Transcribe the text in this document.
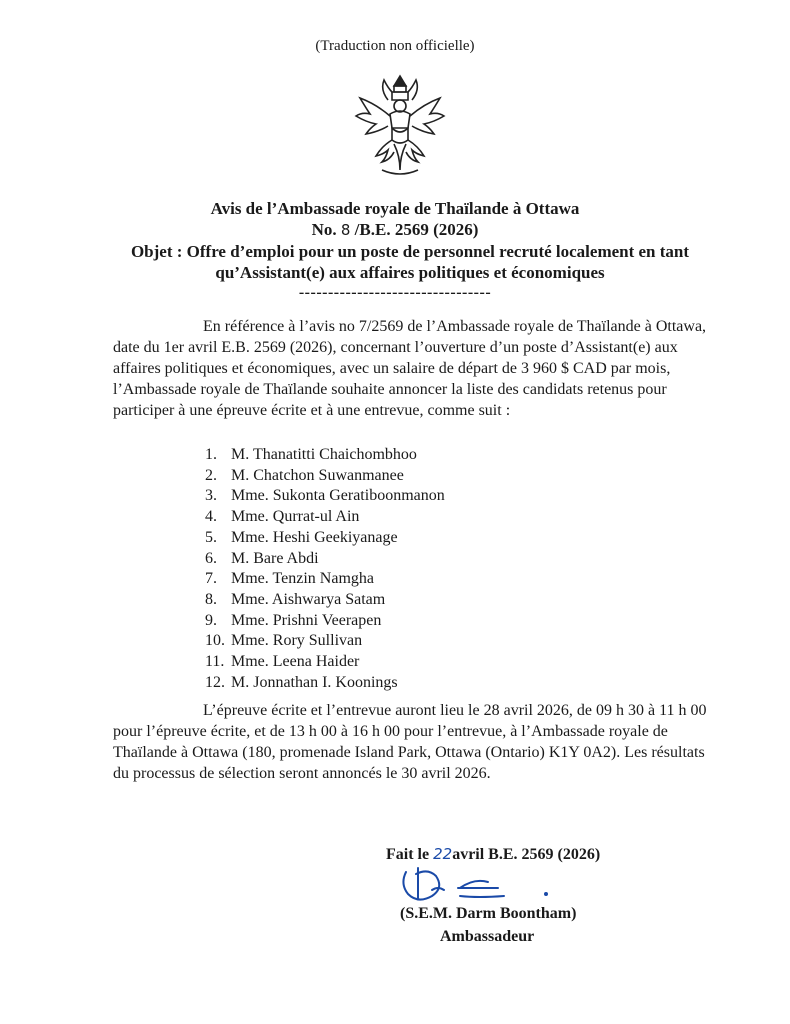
(Traduction non officielle)
Avis de l’Ambassade royale de Thaïlande à Ottawa
No. 8 /B.E. 2569 (2026)
Objet : Offre d’emploi pour un poste de personnel recruté localement en tant qu’Assistant(e) aux affaires politiques et économiques
---------------------------------
En référence à l’avis no 7/2569 de l’Ambassade royale de Thaïlande à Ottawa, date du 1er avril E.B. 2569 (2026), concernant l’ouverture d’un poste d’Assistant(e) aux affaires politiques et économiques, avec un salaire de départ de 3 960 $ CAD par mois, l’Ambassade royale de Thaïlande souhaite annoncer la liste des candidats retenus pour participer à une épreuve écrite et à une entrevue, comme suit :
1. M. Thanatitti Chaichombhoo
2. M. Chatchon Suwanmanee
3. Mme. Sukonta Geratiboonmanon
4. Mme. Qurrat-ul Ain
5. Mme. Heshi Geekiyanage
6. M. Bare Abdi
7. Mme. Tenzin Namgha
8. Mme. Aishwarya Satam
9. Mme. Prishni Veerapen
10. Mme. Rory Sullivan
11. Mme. Leena Haider
12. M. Jonnathan I. Koonings
L’épreuve écrite et l’entrevue auront lieu le 28 avril 2026, de 09 h 30 à 11 h 00 pour l’épreuve écrite, et de 13 h 00 à 16 h 00 pour l’entrevue, à l’Ambassade royale de Thaïlande à Ottawa (180, promenade Island Park, Ottawa (Ontario) K1Y 0A2). Les résultats du processus de sélection seront annoncés le 30 avril 2026.
Fait le 22avril B.E. 2569 (2026)
(S.E.M. Darm Boontham)
Ambassadeur
